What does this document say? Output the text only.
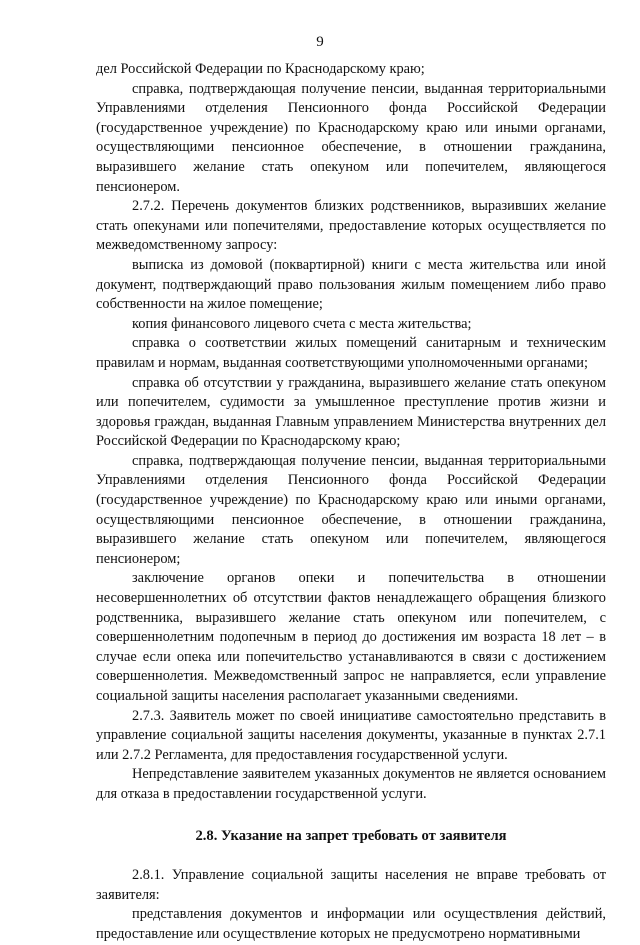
9

дел Российской Федерации по Краснодарскому краю;

справка, подтверждающая получение пенсии, выданная территориальными Управлениями отделения Пенсионного фонда Российской Федерации (государственное учреждение) по Краснодарскому краю или иными органами, осуществляющими пенсионное обеспечение, в отношении гражданина, выразившего желание стать опекуном или попечителем, являющегося пенсионером.

2.7.2. Перечень документов близких родственников, выразивших желание стать опекунами или попечителями, предоставление которых осуществляется по межведомственному запросу:

выписка из домовой (поквартирной) книги с места жительства или иной документ, подтверждающий право пользования жилым помещением либо право собственности на жилое помещение;

копия финансового лицевого счета с места жительства;

справка о соответствии жилых помещений санитарным и техническим правилам и нормам, выданная соответствующими уполномоченными органами;

справка об отсутствии у гражданина, выразившего желание стать опекуном или попечителем, судимости за умышленное преступление против жизни и здоровья граждан, выданная Главным управлением Министерства внутренних дел Российской Федерации по Краснодарскому краю;

справка, подтверждающая получение пенсии, выданная территориальными Управлениями отделения Пенсионного фонда Российской Федерации (государственное учреждение) по Краснодарскому краю или иными органами, осуществляющими пенсионное обеспечение, в отношении гражданина, выразившего желание стать опекуном или попечителем, являющегося пенсионером;

заключение органов опеки и попечительства в отношении несовершеннолетних об отсутствии фактов ненадлежащего обращения близкого родственника, выразившего желание стать опекуном или попечителем, с совершеннолетним подопечным в период до достижения им возраста 18 лет – в случае если опека или попечительство устанавливаются в связи с достижением совершеннолетия. Межведомственный запрос не направляется, если управление социальной защиты населения располагает указанными сведениями.

2.7.3. Заявитель может по своей инициативе самостоятельно представить в управление социальной защиты населения документы, указанные в пунктах 2.7.1 или 2.7.2 Регламента, для предоставления государственной услуги.

Непредставление заявителем указанных документов не является основанием для отказа в предоставлении государственной услуги.

2.8. Указание на запрет требовать от заявителя

2.8.1. Управление социальной защиты населения не вправе требовать от заявителя:

представления документов и информации или осуществления действий, предоставление или осуществление которых не предусмотрено нормативными
